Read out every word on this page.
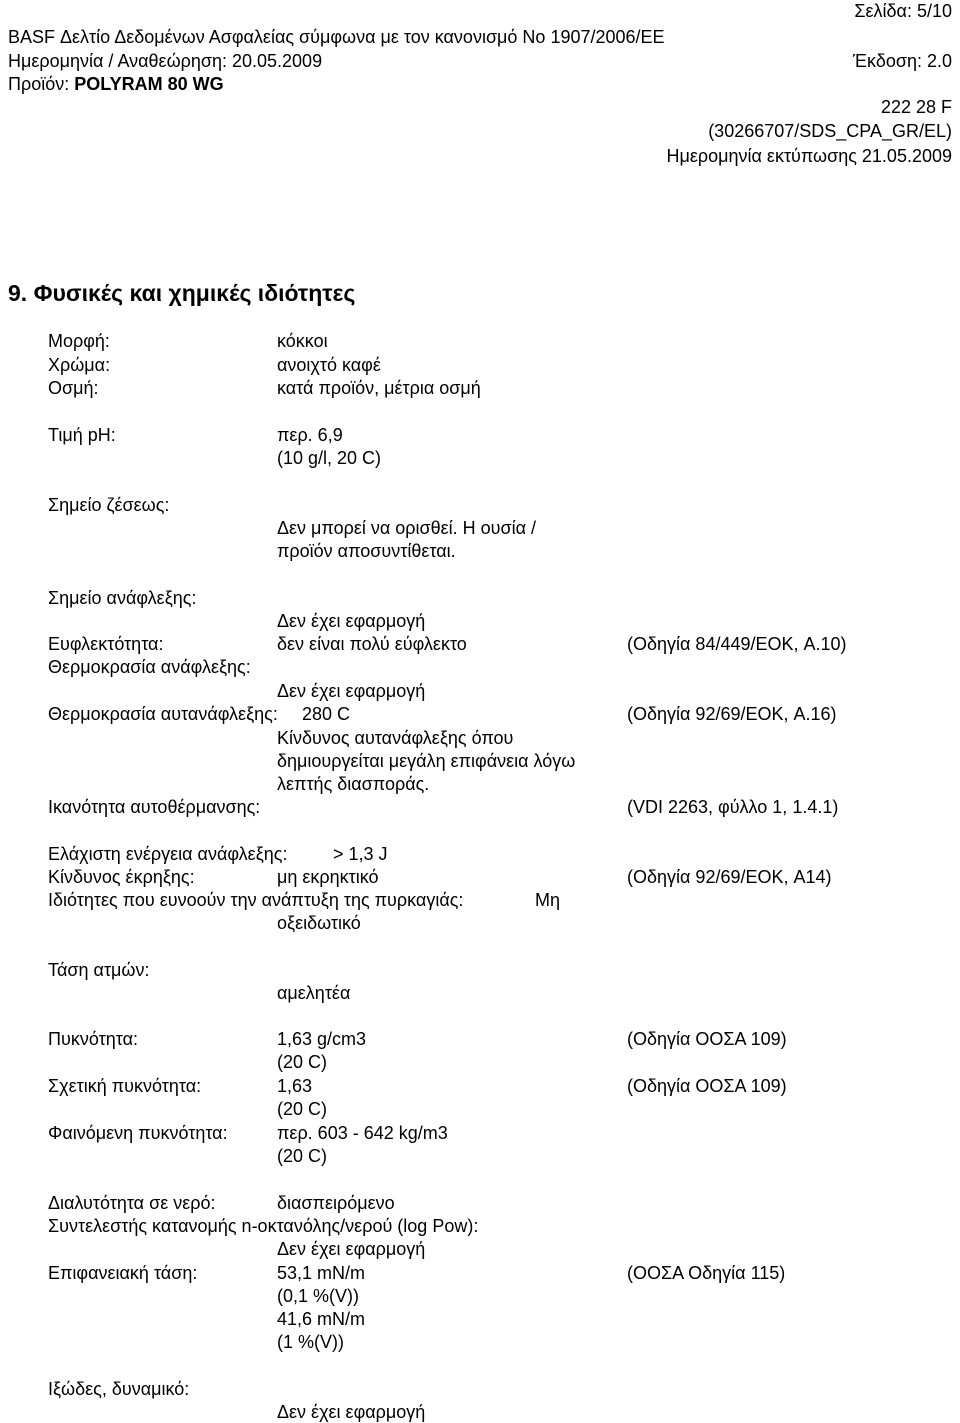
Σελίδα: 5/10
BASF Δελτίο Δεδομένων Ασφαλείας σύμφωνα με τον κανονισμό Νο 1907/2006/ΕΕ
Ημερομηνία / Αναθεώρηση: 20.05.2009	Έκδοση: 2.0
Προϊόν: POLYRAM 80 WG
222 28 F
(30266707/SDS_CPA_GR/EL)
Ημερομηνία εκτύπωσης 21.05.2009
9. Φυσικές και χημικές ιδιότητες
Μορφή:	κόκκοι
Χρώμα:	ανοιχτό καφέ
Οσμή:	κατά προϊόν, μέτρια οσμή
Τιμή pH:	περ. 6,9
(10 g/l, 20 C)
Σημείο ζέσεως:
Δεν μπορεί να ορισθεί. Η ουσία /
προϊόν αποσυντίθεται.
Σημείο ανάφλεξης:
Δεν έχει εφαρμογή
Ευφλεκτότητα:	δεν είναι πολύ εύφλεκτο	(Οδηγία 84/449/ΕΟΚ, A.10)
Θερμοκρασία ανάφλεξης:
Δεν έχει εφαρμογή
Θερμοκρασία αυτανάφλεξης: 280 C	(Οδηγία 92/69/ΕΟΚ, A.16)
Κίνδυνος αυτανάφλεξης όπου
δημιουργείται μεγάλη επιφάνεια λόγω
λεπτής διασποράς.
Ικανότητα αυτοθέρμανσης:	(VDI 2263, φύλλο 1, 1.4.1)
Ελάχιστη ενέργεια ανάφλεξης:	> 1,3 J
Κίνδυνος έκρηξης:	μη εκρηκτικό	(Οδηγία 92/69/ΕΟΚ, A14)
Ιδιότητες που ευνοούν την ανάπτυξη της πυρκαγιάς:	Μη
οξειδωτικό
Τάση ατμών:
αμελητέα
Πυκνότητα:	1,63 g/cm3	(Οδηγία ΟΟΣΑ 109)
(20 C)
Σχετική πυκνότητα:	1,63	(Οδηγία ΟΟΣΑ 109)
(20 C)
Φαινόμενη πυκνότητα:	περ. 603 - 642 kg/m3
(20 C)
Διαλυτότητα σε νερό:	διασπειρόμενο
Συντελεστής κατανομής n-οκτανόλης/νερού (log Pow):
Δεν έχει εφαρμογή
Επιφανειακή τάση:	53,1 mN/m	(ΟΟΣΑ Οδηγία 115)
(0,1 %(V))
41,6 mN/m
(1 %(V))
Ιξώδες, δυναμικό:
Δεν έχει εφαρμογή
